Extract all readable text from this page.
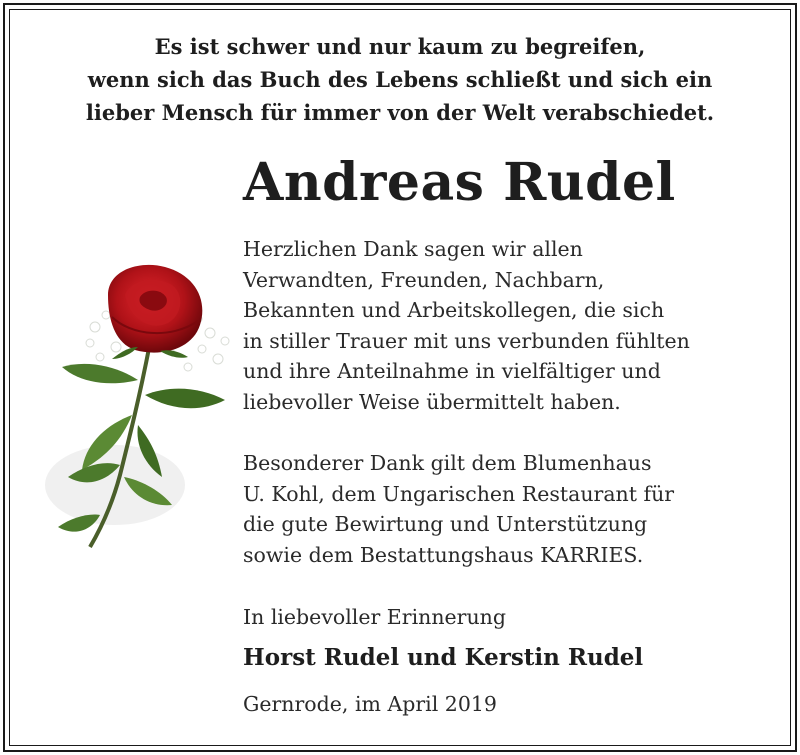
Es ist schwer und nur kaum zu begreifen,
wenn sich das Buch des Lebens schließt und sich ein
lieber Mensch für immer von der Welt verabschiedet.
Andreas Rudel
Herzlichen Dank sagen wir allen
Verwandten, Freunden, Nachbarn,
Bekannten und Arbeitskollegen, die sich
in stiller Trauer mit uns verbunden fühlten
und ihre Anteilnahme in vielfältiger und
liebevoller Weise übermittelt haben.
Besonderer Dank gilt dem Blumenhaus
U. Kohl, dem Ungarischen Restaurant für
die gute Bewirtung und Unterstützung
sowie dem Bestattungshaus KARRIES.

In liebevoller Erinnerung

Horst Rudel und Kerstin Rudel

Gernrode, im April 2019
